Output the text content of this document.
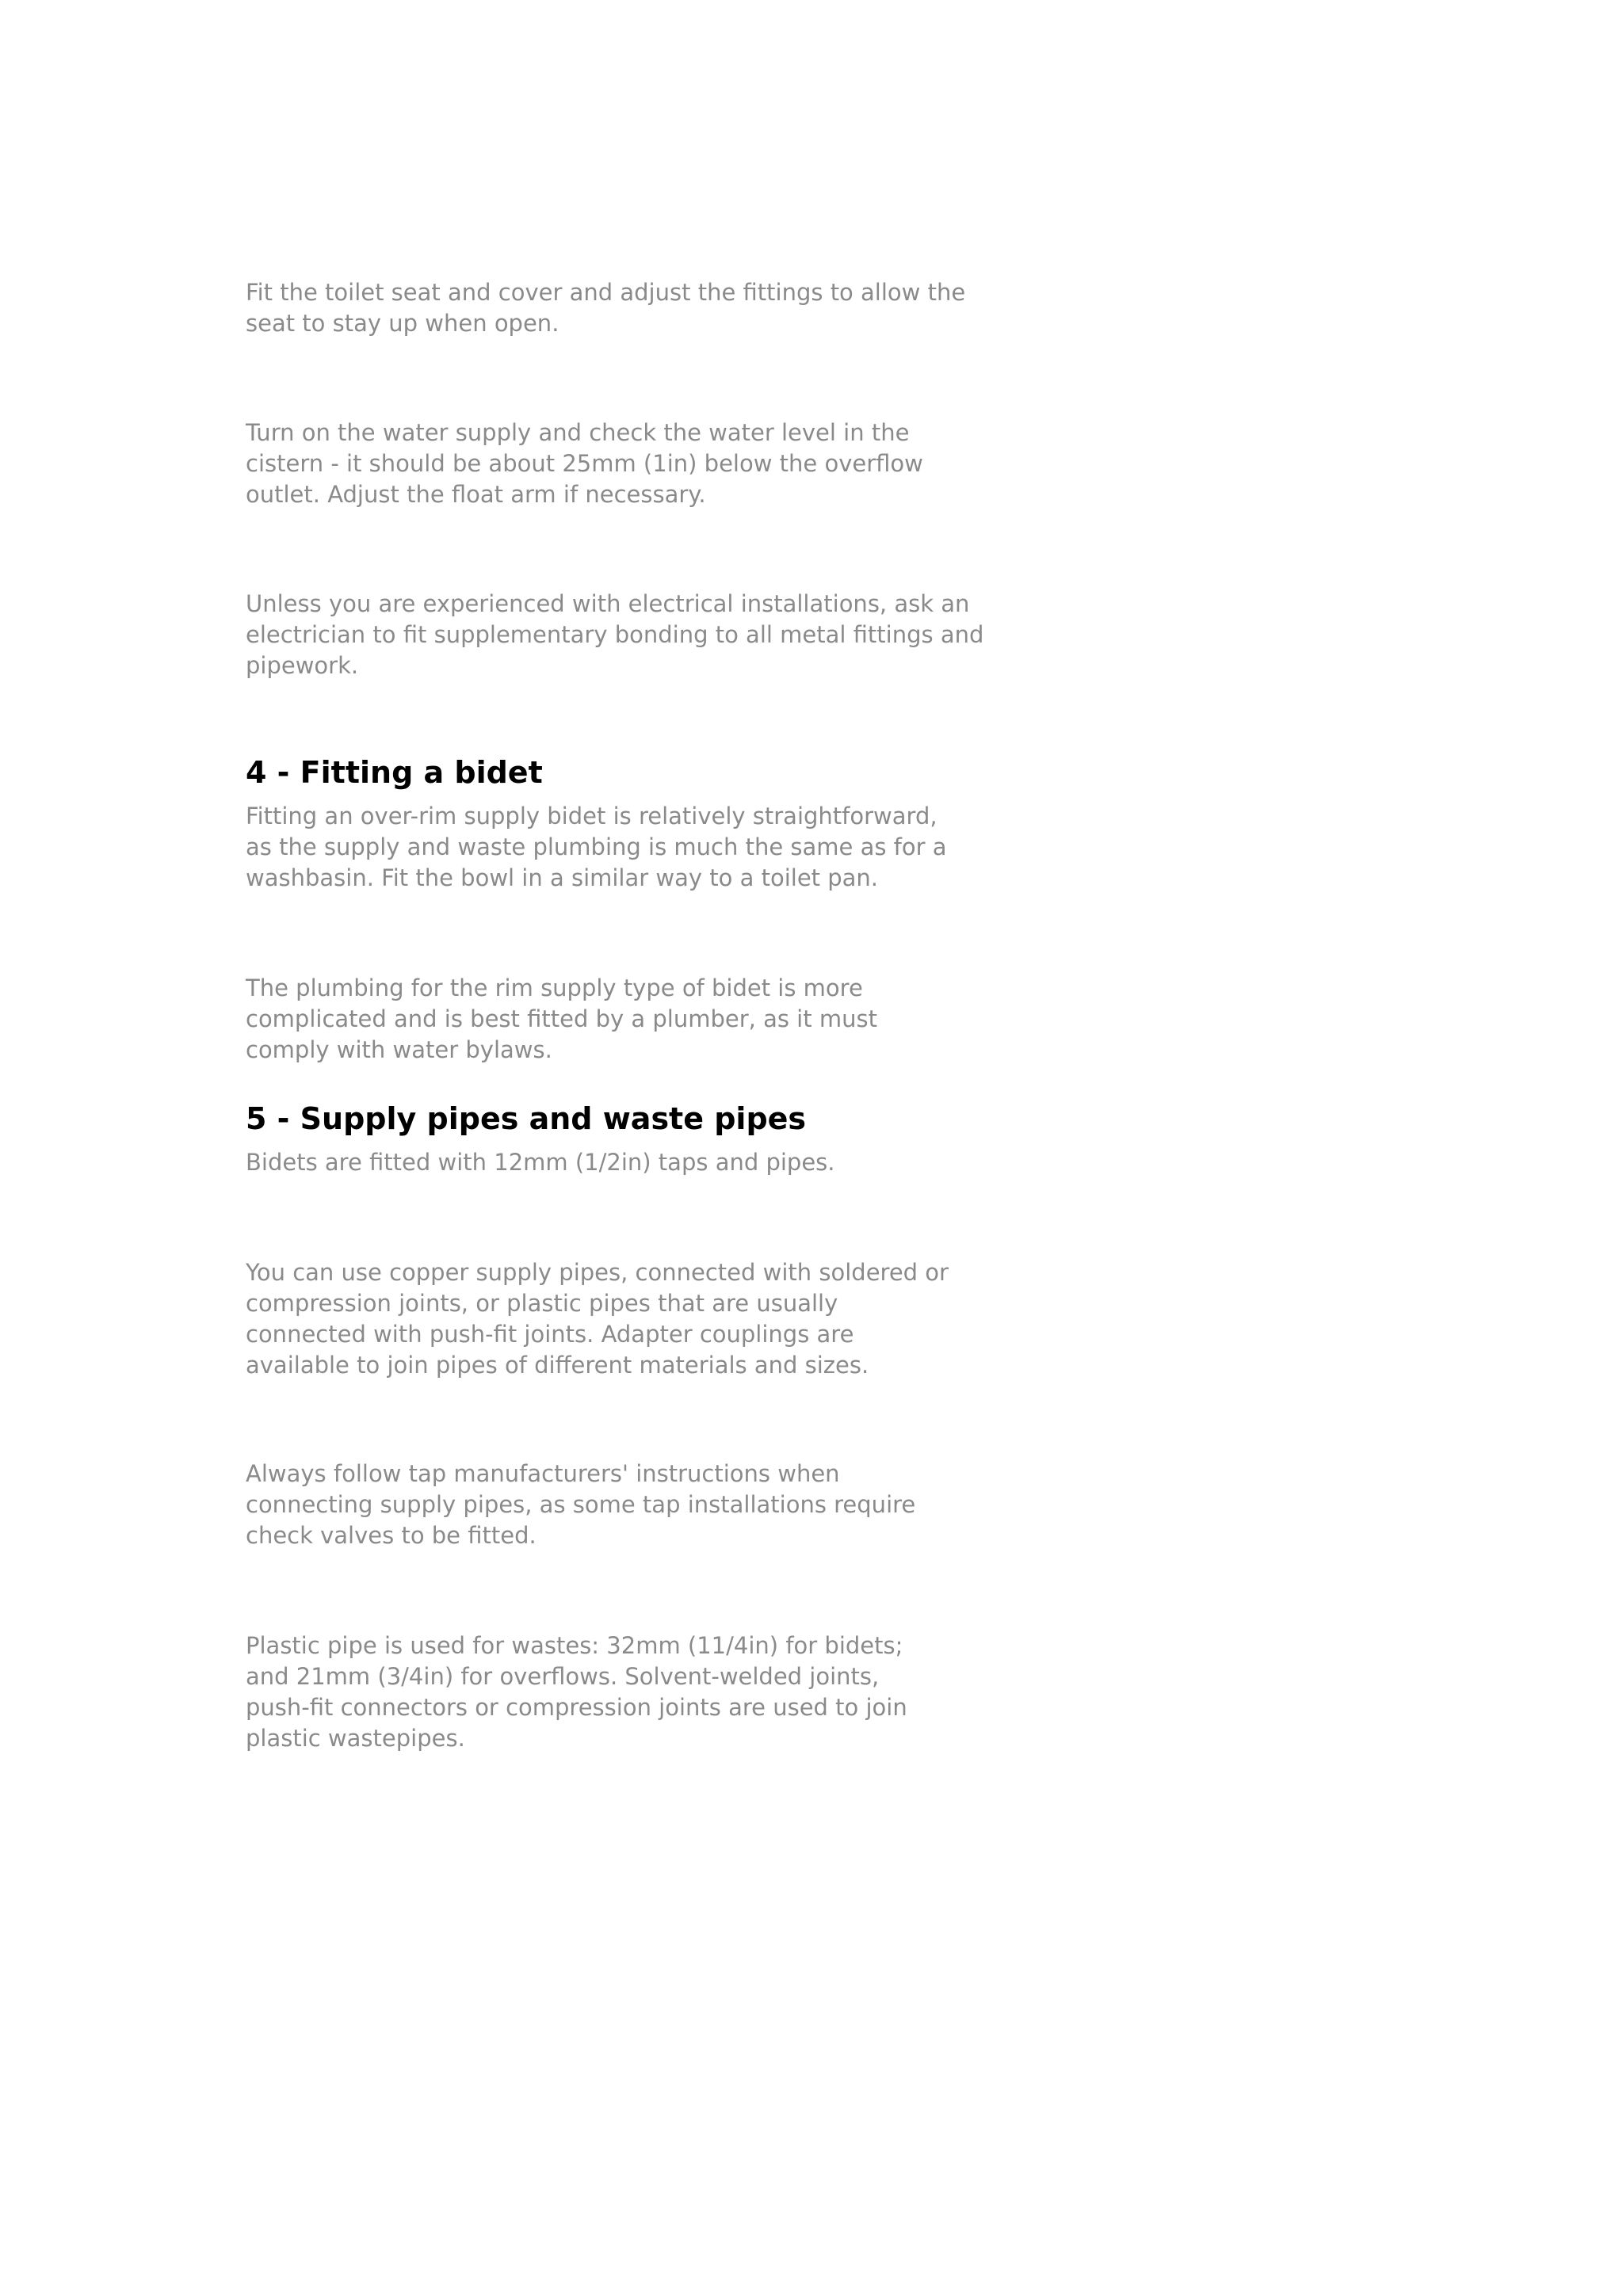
Fit the toilet seat and cover and adjust the fittings to allow the
seat to stay up when open.

Turn on the water supply and check the water level in the
cistern - it should be about 25mm (1in) below the overflow
outlet. Adjust the float arm if necessary.

Unless you are experienced with electrical installations, ask an
electrician to fit supplementary bonding to all metal fittings and
pipework.

4 - Fitting a bidet

Fitting an over-rim supply bidet is relatively straightforward,
as the supply and waste plumbing is much the same as for a
washbasin. Fit the bowl in a similar way to a toilet pan.

The plumbing for the rim supply type of bidet is more
complicated and is best fitted by a plumber, as it must
comply with water bylaws.

5 - Supply pipes and waste pipes

Bidets are fitted with 12mm (1/2in) taps and pipes.

You can use copper supply pipes, connected with soldered or
compression joints, or plastic pipes that are usually
connected with push-fit joints. Adapter couplings are
available to join pipes of different materials and sizes.

Always follow tap manufacturers' instructions when
connecting supply pipes, as some tap installations require
check valves to be fitted.

Plastic pipe is used for wastes: 32mm (11/4in) for bidets;
and 21mm (3/4in) for overflows. Solvent-welded joints,
push-fit connectors or compression joints are used to join
plastic wastepipes.
